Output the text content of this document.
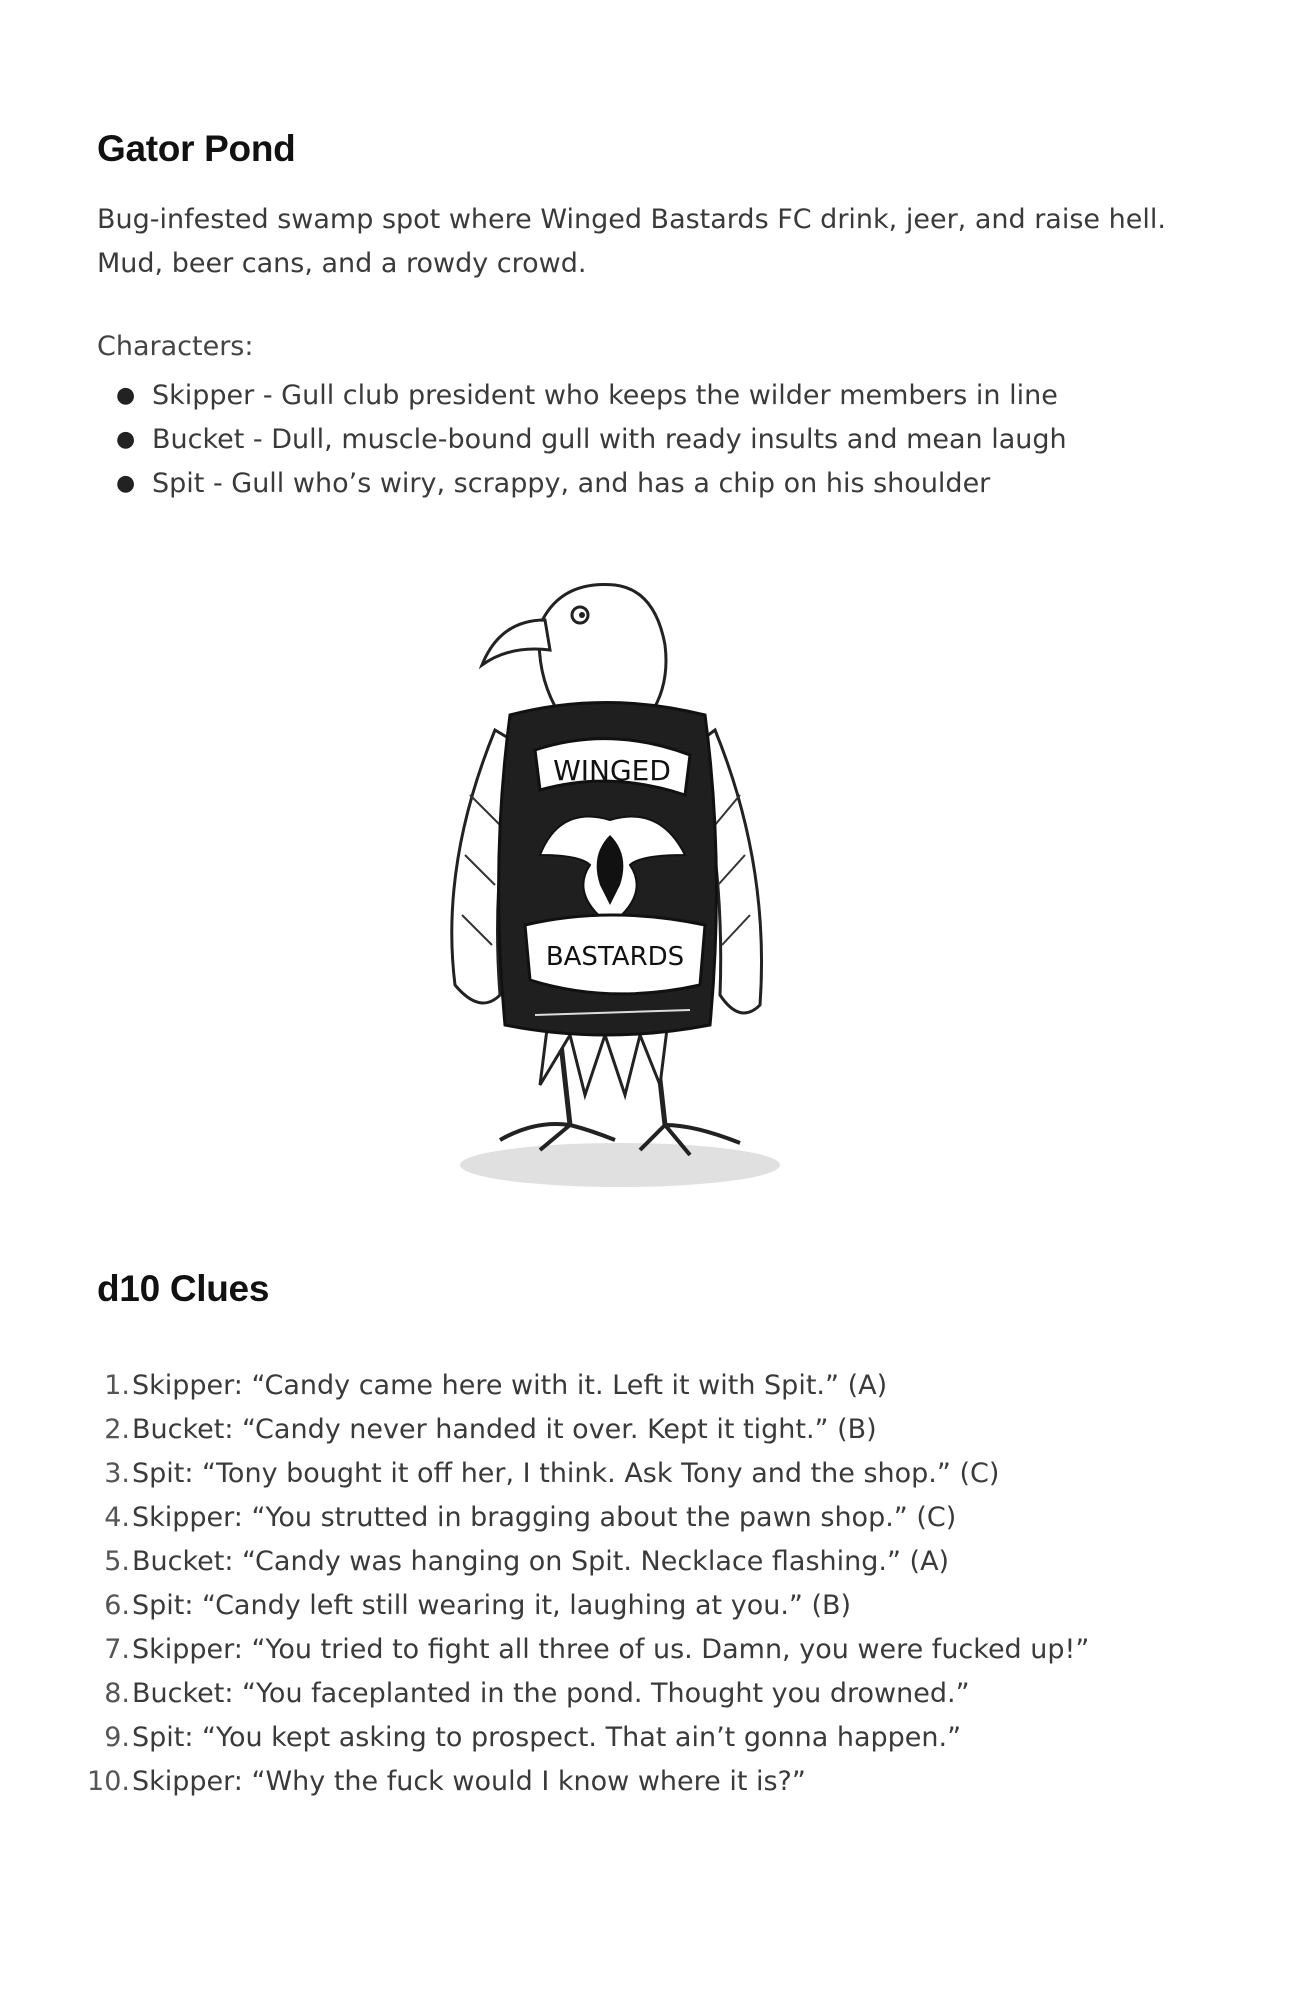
Gator Pond
Bug-infested swamp spot where Winged Bastards FC drink, jeer, and raise hell. Mud, beer cans, and a rowdy crowd.
Characters:
● Skipper - Gull club president who keeps the wilder members in line
● Bucket - Dull, muscle-bound gull with ready insults and mean laugh
● Spit - Gull who’s wiry, scrappy, and has a chip on his shoulder
WINGED
BASTARDS
d10 Clues
1. Skipper: “Candy came here with it. Left it with Spit.” (A)
2. Bucket: “Candy never handed it over. Kept it tight.” (B)
3. Spit: “Tony bought it off her, I think. Ask Tony and the shop.” (C)
4. Skipper: “You strutted in bragging about the pawn shop.” (C)
5. Bucket: “Candy was hanging on Spit. Necklace flashing.” (A)
6. Spit: “Candy left still wearing it, laughing at you.” (B)
7. Skipper: “You tried to fight all three of us. Damn, you were fucked up!”
8. Bucket: “You faceplanted in the pond. Thought you drowned.”
9. Spit: “You kept asking to prospect. That ain’t gonna happen.”
10. Skipper: “Why the fuck would I know where it is?”
